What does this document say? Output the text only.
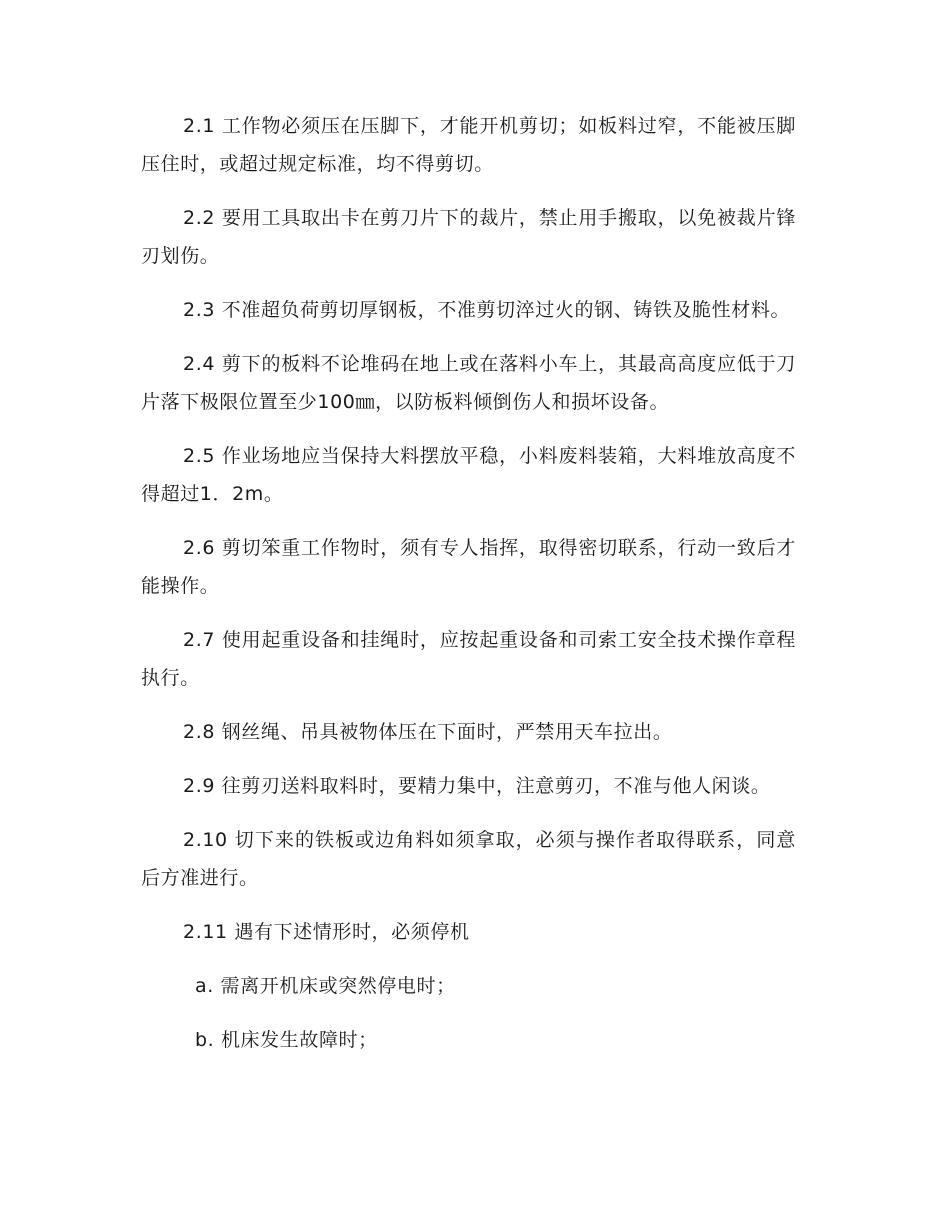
2.1 工作物必须压在压脚下，才能开机剪切；如板料过窄，不能被压脚压住时，或超过规定标准，均不得剪切。

2.2 要用工具取出卡在剪刀片下的裁片，禁止用手搬取，以免被裁片锋刃划伤。

2.3 不准超负荷剪切厚钢板，不准剪切淬过火的钢、铸铁及脆性材料。

2.4 剪下的板料不论堆码在地上或在落料小车上，其最高高度应低于刀片落下极限位置至少100㎜，以防板料倾倒伤人和损坏设备。

2.5 作业场地应当保持大料摆放平稳，小料废料装箱，大料堆放高度不得超过1．2m。

2.6 剪切笨重工作物时，须有专人指挥，取得密切联系，行动一致后才能操作。

2.7 使用起重设备和挂绳时，应按起重设备和司索工安全技术操作章程执行。

2.8 钢丝绳、吊具被物体压在下面时，严禁用天车拉出。

2.9 往剪刃送料取料时，要精力集中，注意剪刃，不准与他人闲谈。

2.10 切下来的铁板或边角料如须拿取，必须与操作者取得联系，同意后方准进行。

2.11 遇有下述情形时，必须停机

a. 需离开机床或突然停电时；

b. 机床发生故障时；
